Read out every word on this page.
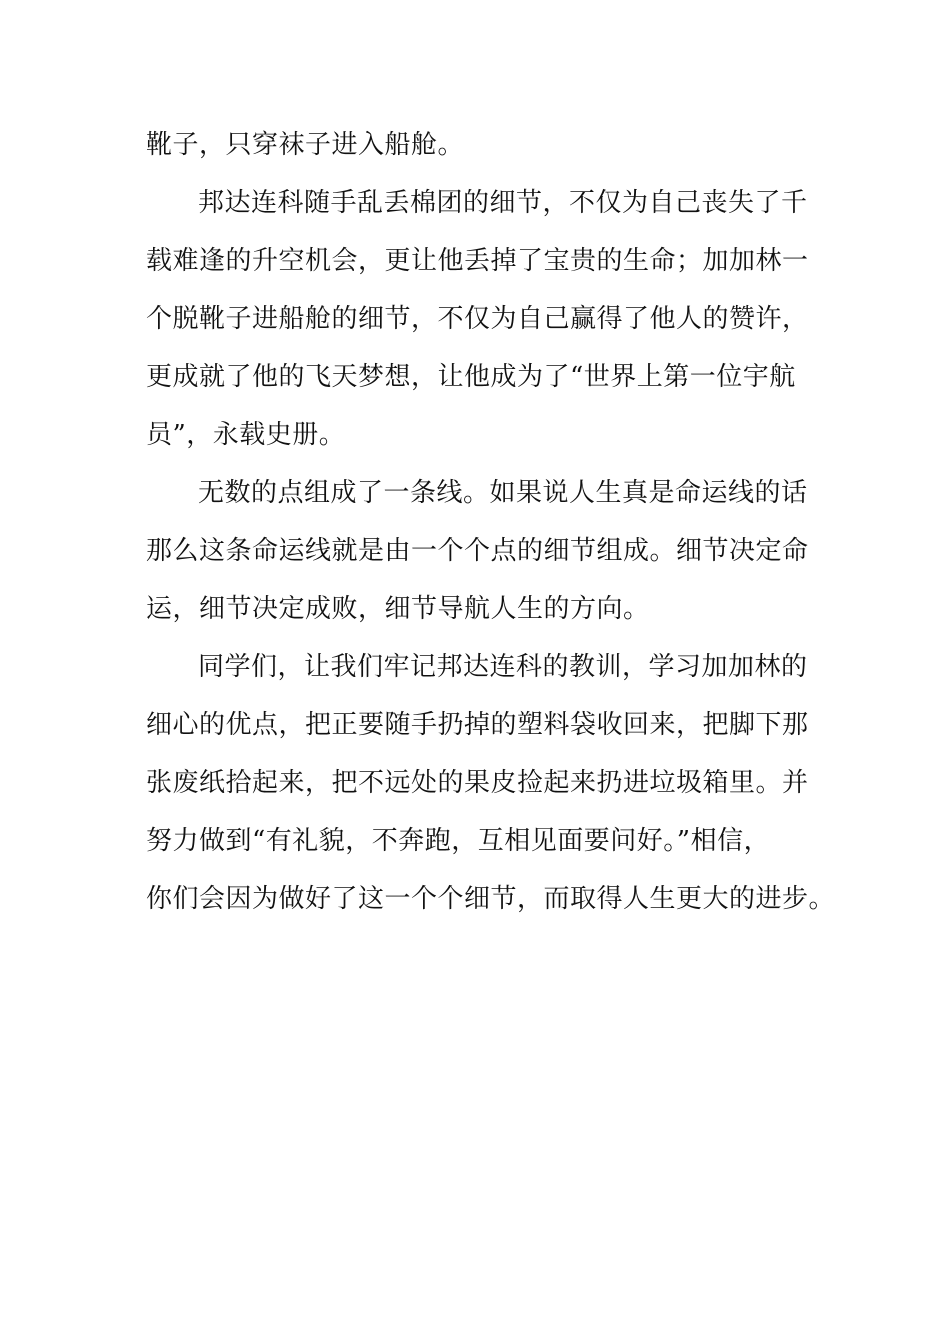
靴子，只穿袜子进入船舱。

邦达连科随手乱丢棉团的细节，不仅为自己丧失了千
载难逢的升空机会，更让他丢掉了宝贵的生命；加加林一
个脱靴子进船舱的细节，不仅为自己赢得了他人的赞许，
更成就了他的飞天梦想，让他成为了“世界上第一位宇航
员”，永载史册。

无数的点组成了一条线。如果说人生真是命运线的话
那么这条命运线就是由一个个点的细节组成。细节决定命
运，细节决定成败，细节导航人生的方向。

同学们，让我们牢记邦达连科的教训，学习加加林的
细心的优点，把正要随手扔掉的塑料袋收回来，把脚下那
张废纸拾起来，把不远处的果皮捡起来扔进垃圾箱里。并
努力做到“有礼貌，不奔跑，互相见面要问好。”相信，
你们会因为做好了这一个个细节，而取得人生更大的进步。
